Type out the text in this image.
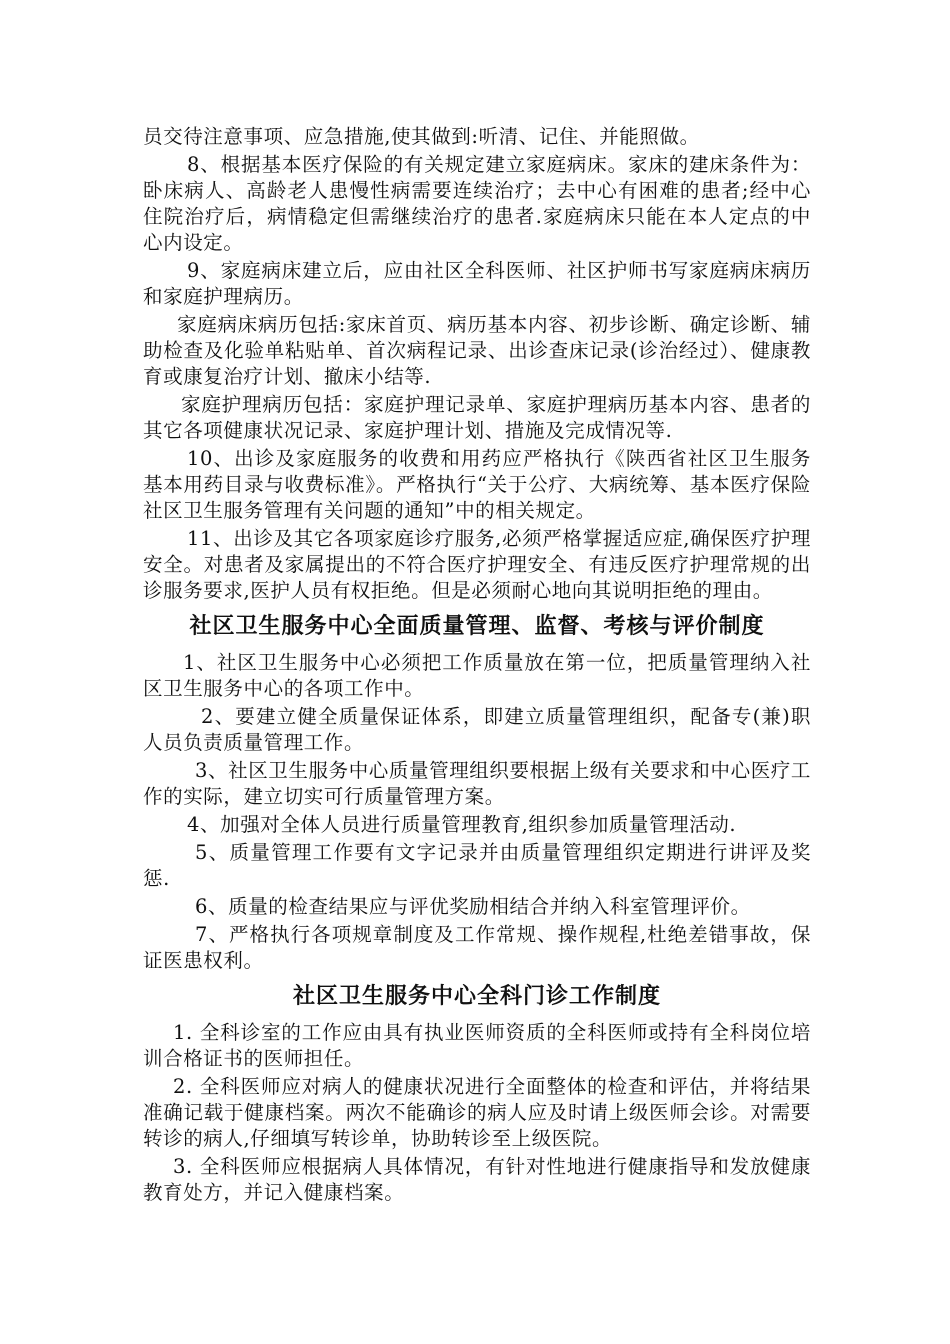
员交待注意事项、应急措施,使其做到:听清、记住、并能照做。

8、根据基本医疗保险的有关规定建立家庭病床。家床的建床条件为：卧床病人、高龄老人患慢性病需要连续治疗；去中心有困难的患者;经中心住院治疗后，病情稳定但需继续治疗的患者.家庭病床只能在本人定点的中心内设定。

9、家庭病床建立后，应由社区全科医师、社区护师书写家庭病床病历和家庭护理病历。

家庭病床病历包括:家床首页、病历基本内容、初步诊断、确定诊断、辅助检查及化验单粘贴单、首次病程记录、出诊查床记录(诊治经过）、健康教育或康复治疗计划、撤床小结等.

家庭护理病历包括：家庭护理记录单、家庭护理病历基本内容、患者的其它各项健康状况记录、家庭护理计划、措施及完成情况等.

10、出诊及家庭服务的收费和用药应严格执行《陕西省社区卫生服务基本用药目录与收费标准》。严格执行“关于公疗、大病统筹、基本医疗保险社区卫生服务管理有关问题的通知”中的相关规定。

11、出诊及其它各项家庭诊疗服务,必须严格掌握适应症,确保医疗护理安全。对患者及家属提出的不符合医疗护理安全、有违反医疗护理常规的出诊服务要求,医护人员有权拒绝。但是必须耐心地向其说明拒绝的理由。

社区卫生服务中心全面质量管理、监督、考核与评价制度

1、社区卫生服务中心必须把工作质量放在第一位，把质量管理纳入社区卫生服务中心的各项工作中。

2、要建立健全质量保证体系，即建立质量管理组织，配备专(兼)职人员负责质量管理工作。

3、社区卫生服务中心质量管理组织要根据上级有关要求和中心医疗工作的实际，建立切实可行质量管理方案。

4、加强对全体人员进行质量管理教育,组织参加质量管理活动.

5、质量管理工作要有文字记录并由质量管理组织定期进行讲评及奖惩.

6、质量的检查结果应与评优奖励相结合并纳入科室管理评价。

7、严格执行各项规章制度及工作常规、操作规程,杜绝差错事故，保证医患权利。

社区卫生服务中心全科门诊工作制度

1. 全科诊室的工作应由具有执业医师资质的全科医师或持有全科岗位培训合格证书的医师担任。

2. 全科医师应对病人的健康状况进行全面整体的检查和评估，并将结果准确记载于健康档案。两次不能确诊的病人应及时请上级医师会诊。对需要转诊的病人,仔细填写转诊单，协助转诊至上级医院。

3. 全科医师应根据病人具体情况，有针对性地进行健康指导和发放健康教育处方，并记入健康档案。
